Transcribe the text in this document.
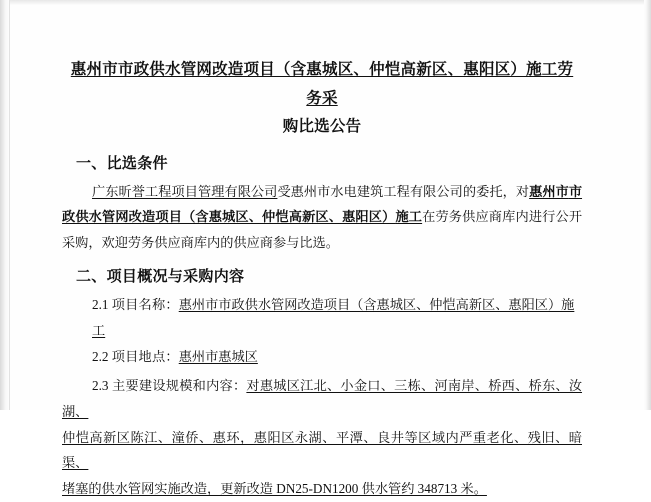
惠州市市政供水管网改造项目（含惠城区、仲恺高新区、惠阳区）施工劳务采
购比选公告
一、比选条件

广东昕誉工程项目管理有限公司受惠州市水电建筑工程有限公司的委托，对惠州市市政供水管网改造项目（含惠城区、仲恺高新区、惠阳区）施工在劳务供应商库内进行公开采购，欢迎劳务供应商库内的供应商参与比选。

二、项目概况与采购内容

2.1 项目名称：惠州市市政供水管网改造项目（含惠城区、仲恺高新区、惠阳区）施工

2.2 项目地点：惠州市惠城区

2.3 主要建设规模和内容：对惠城区江北、小金口、三栋、河南岸、桥西、桥东、汝湖、
仲恺高新区陈江、潼侨、惠环，惠阳区永湖、平潭、良井等区域内严重老化、残旧、暗渠、
堵塞的供水管网实施改造，更新改造 DN25-DN1200 供水管约 348713 米。
